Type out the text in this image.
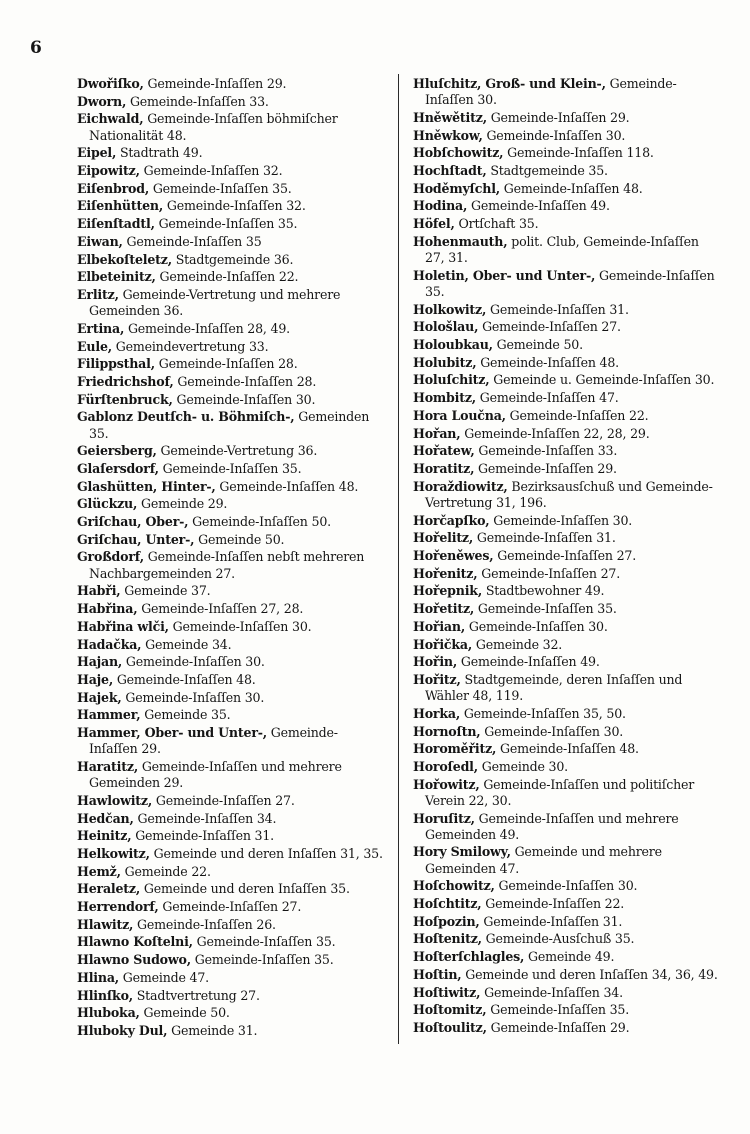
6

Dwořiſko, Gemeinde-Inſaſſen 29.

Dworn, Gemeinde-Inſaſſen 33.

Eichwald, Gemeinde-Inſaſſen böhmiſcher Nationalität 48.

Eipel, Stadtrath 49.

Eipowitz, Gemeinde-Inſaſſen 32.

Eiſenbrod, Gemeinde-Inſaſſen 35.

Eiſenhütten, Gemeinde-Inſaſſen 32.

Eiſenſtadtl, Gemeinde-Inſaſſen 35.

Eiwan, Gemeinde-Inſaſſen 35

Elbekoſteletz, Stadtgemeinde 36.

Elbeteinitz, Gemeinde-Inſaſſen 22.

Erlitz, Gemeinde-Vertretung und mehrere Gemeinden 36.

Ertina, Gemeinde-Inſaſſen 28, 49.

Eule, Gemeindevertretung 33.

Filippsthal, Gemeinde-Inſaſſen 28.

Friedrichshof, Gemeinde-Inſaſſen 28.

Fürſtenbruck, Gemeinde-Inſaſſen 30.

Gablonz Deutſch- u. Böhmiſch-, Gemeinden 35.

Geiersberg, Gemeinde-Vertretung 36.

Glaſersdorf, Gemeinde-Inſaſſen 35.

Glashütten, Hinter-, Gemeinde-Inſaſſen 48.

Glückzu, Gemeinde 29.

Griſchau, Ober-, Gemeinde-Inſaſſen 50.

Griſchau, Unter-, Gemeinde 50.

Großdorf, Gemeinde-Inſaſſen nebſt mehreren Nachbargemeinden 27.

Habři, Gemeinde 37.

Habřina, Gemeinde-Inſaſſen 27, 28.

Habřina wlči, Gemeinde-Inſaſſen 30.

Hadačka, Gemeinde 34.

Hajan, Gemeinde-Inſaſſen 30.

Haje, Gemeinde-Inſaſſen 48.

Hajek, Gemeinde-Inſaſſen 30.

Hammer, Gemeinde 35.

Hammer, Ober- und Unter-, Gemeinde-Inſaſſen 29.

Haratitz, Gemeinde-Inſaſſen und mehrere Gemeinden 29.

Hawlowitz, Gemeinde-Inſaſſen 27.

Hedčan, Gemeinde-Inſaſſen 34.

Heinitz, Gemeinde-Inſaſſen 31.

Helkowitz, Gemeinde und deren Inſaſſen 31, 35.

Hemž, Gemeinde 22.

Heraletz, Gemeinde und deren Inſaſſen 35.

Herrendorf, Gemeinde-Inſaſſen 27.

Hlawitz, Gemeinde-Inſaſſen 26.

Hlawno Koſtelni, Gemeinde-Inſaſſen 35.

Hlawno Sudowo, Gemeinde-Inſaſſen 35.

Hlina, Gemeinde 47.

Hlinſko, Stadtvertretung 27.

Hluboka, Gemeinde 50.

Hluboky Dul, Gemeinde 31.

Hluſchitz, Groß- und Klein-, Gemeinde-Inſaſſen 30.

Hněwětitz, Gemeinde-Inſaſſen 29.

Hněwkow, Gemeinde-Inſaſſen 30.

Hobſchowitz, Gemeinde-Inſaſſen 118.

Hochſtadt, Stadtgemeinde 35.

Hoděmyſchl, Gemeinde-Inſaſſen 48.

Hodina, Gemeinde-Inſaſſen 49.

Höfel, Ortſchaft 35.

Hohenmauth, polit. Club, Gemeinde-Inſaſſen 27, 31.

Holetin, Ober- und Unter-, Gemeinde-Inſaſſen 35.

Holkowitz, Gemeinde-Inſaſſen 31.

Hološlau, Gemeinde-Inſaſſen 27.

Holoubkau, Gemeinde 50.

Holubitz, Gemeinde-Inſaſſen 48.

Holuſchitz, Gemeinde u. Gemeinde-Inſaſſen 30.

Hombitz, Gemeinde-Inſaſſen 47.

Hora Loučna, Gemeinde-Inſaſſen 22.

Hořan, Gemeinde-Inſaſſen 22, 28, 29.

Hořatew, Gemeinde-Inſaſſen 33.

Horatitz, Gemeinde-Inſaſſen 29.

Horaždiowitz, Bezirksausſchuß und Gemeinde-Vertretung 31, 196.

Horčapſko, Gemeinde-Inſaſſen 30.

Hořelitz, Gemeinde-Inſaſſen 31.

Hořeněwes, Gemeinde-Inſaſſen 27.

Hořenitz, Gemeinde-Inſaſſen 27.

Hořepnik, Stadtbewohner 49.

Hořetitz, Gemeinde-Inſaſſen 35.

Hořian, Gemeinde-Inſaſſen 30.

Hořička, Gemeinde 32.

Hořin, Gemeinde-Inſaſſen 49.

Hořitz, Stadtgemeinde, deren Inſaſſen und Wähler 48, 119.

Horka, Gemeinde-Inſaſſen 35, 50.

Hornoſtn, Gemeinde-Inſaſſen 30.

Horoměřitz, Gemeinde-Inſaſſen 48.

Horoſedl, Gemeinde 30.

Hořowitz, Gemeinde-Inſaſſen und politiſcher Verein 22, 30.

Horuſitz, Gemeinde-Inſaſſen und mehrere Gemeinden 49.

Hory Smilowy, Gemeinde und mehrere Gemeinden 47.

Hoſchowitz, Gemeinde-Inſaſſen 30.

Hoſchtitz, Gemeinde-Inſaſſen 22.

Hoſpozin, Gemeinde-Inſaſſen 31.

Hoſtenitz, Gemeinde-Ausſchuß 35.

Hoſterſchlagles, Gemeinde 49.

Hoſtin, Gemeinde und deren Inſaſſen 34, 36, 49.

Hoſtiwitz, Gemeinde-Inſaſſen 34.

Hoſtomitz, Gemeinde-Inſaſſen 35.

Hoſtoulitz, Gemeinde-Inſaſſen 29.
